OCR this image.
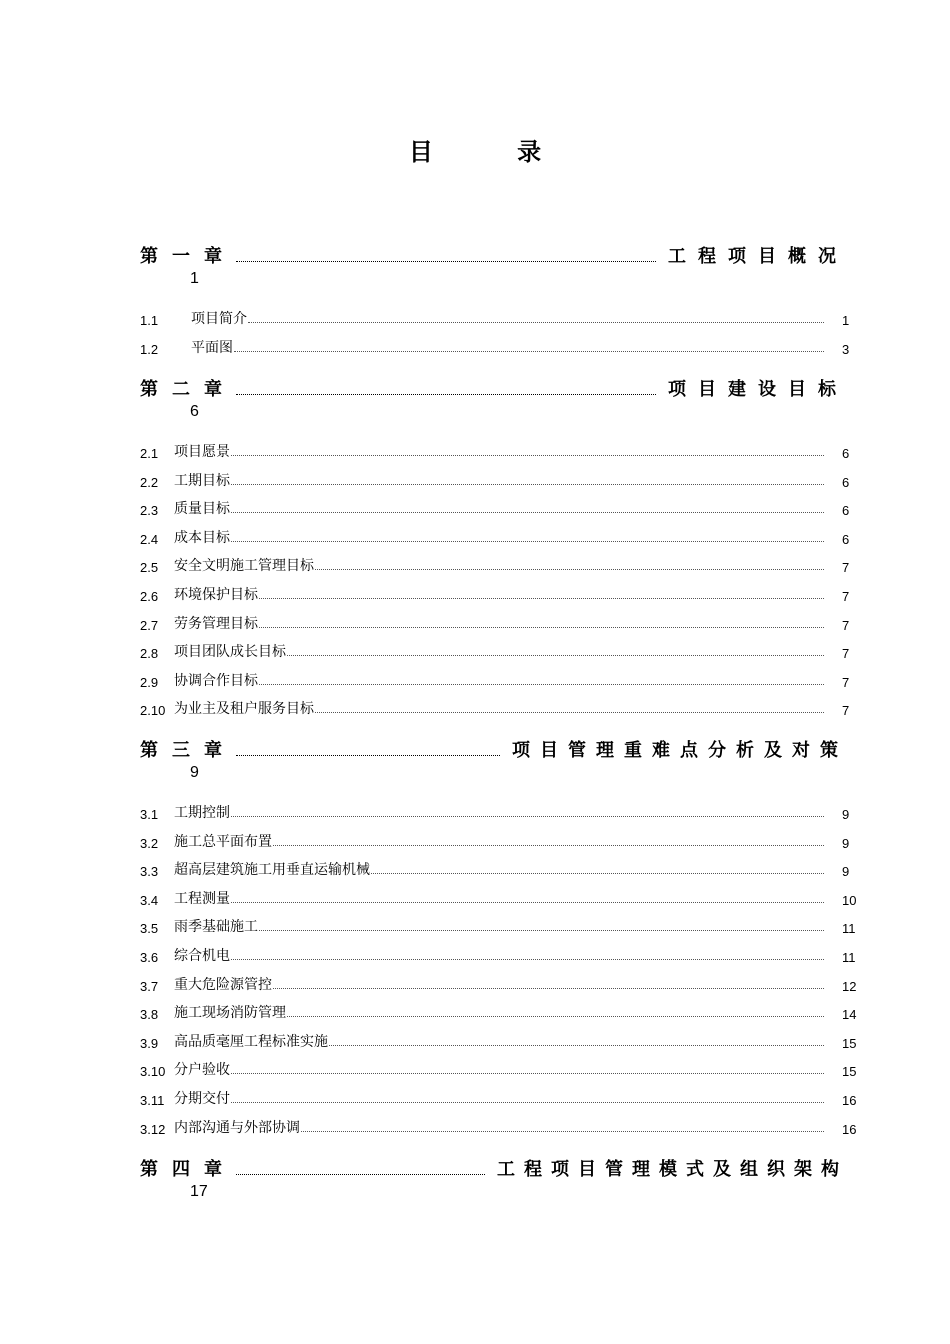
目 录
第一章	工程项目概况
1
1.1	项目简介	1
1.2	平面图	3
第二章	项目建设目标
6
2.1	项目愿景	6
2.2	工期目标	6
2.3	质量目标	6
2.4	成本目标	6
2.5	安全文明施工管理目标	7
2.6	环境保护目标	7
2.7	劳务管理目标	7
2.8	项目团队成长目标	7
2.9	协调合作目标	7
2.10 为业主及租户服务目标	7
第三章	项目管理重难点分析及对策
9
3.1	工期控制	9
3.2	施工总平面布置	9
3.3	超高层建筑施工用垂直运输机械	9
3.4	工程测量	10
3.5	雨季基础施工	11
3.6	综合机电	11
3.7	重大危险源管控	12
3.8	施工现场消防管理	14
3.9	高品质毫厘工程标准实施	15
3.10 分户验收	15
3.11 分期交付	16
3.12 内部沟通与外部协调	16
第四章	工程项目管理模式及组织架构
17
